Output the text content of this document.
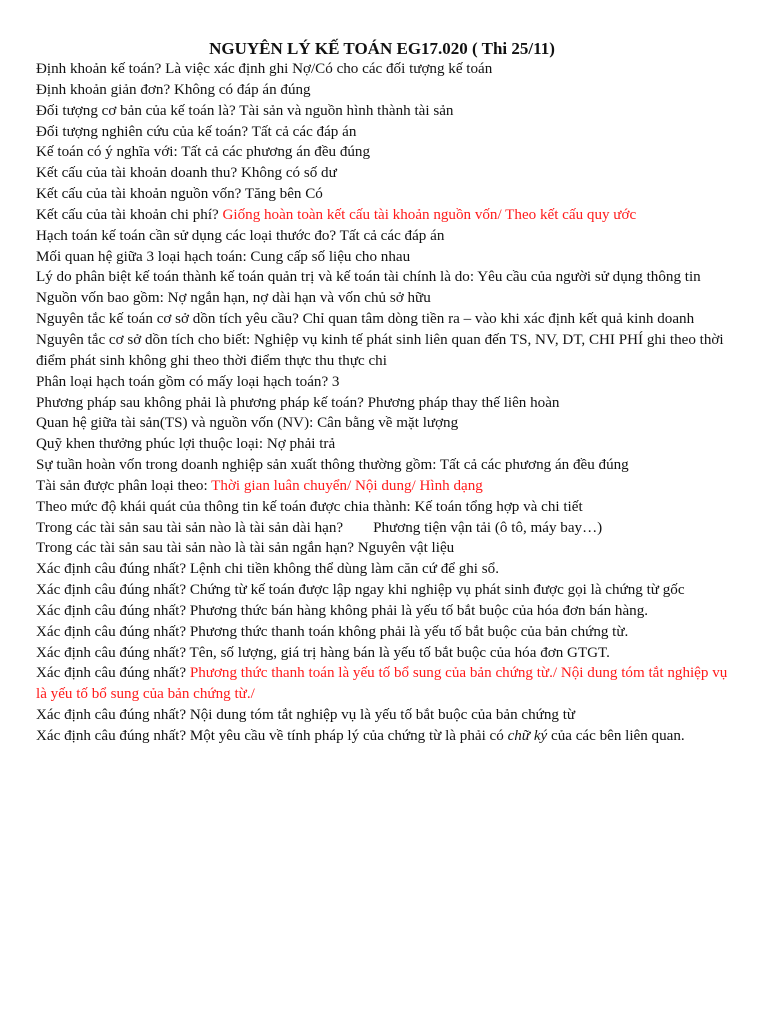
NGUYÊN LÝ KẾ TOÁN EG17.020 ( Thi 25/11)
Định khoản kế toán? Là việc xác định ghi Nợ/Có cho các đối tượng kế toán
Định khoản giản đơn? Không có đáp án đúng
Đối tượng cơ bản của kế toán là? Tài sản và nguồn hình thành tài sản
Đối tượng nghiên cứu của kế toán? Tất cả các đáp án
Kế toán có ý nghĩa với: Tất cả các phương án đều đúng
Kết cấu của tài khoản doanh thu? Không có số dư
Kết cấu của tài khoản nguồn vốn? Tăng bên Có
Kết cấu của tài khoản chi phí? Giống hoàn toàn kết cấu tài khoản nguồn vốn/ Theo kết cấu quy ước
Hạch toán kế toán cần sử dụng các loại thước đo? Tất cả các đáp án
Mối quan hệ giữa 3 loại hạch toán: Cung cấp số liệu cho nhau
Lý do phân biệt kế toán thành kế toán quản trị và kế toán tài chính là do: Yêu cầu của người sử dụng thông tin
Nguồn vốn bao gồm: Nợ ngắn hạn, nợ dài hạn và vốn chủ sở hữu
Nguyên tắc kế toán cơ sở dồn tích yêu cầu? Chỉ quan tâm dòng tiền ra – vào khi xác định kết quả kinh doanh
Nguyên tắc cơ sở dồn tích cho biết: Nghiệp vụ kinh tế phát sinh liên quan đến TS, NV, DT, CHI PHÍ ghi theo thời điểm phát sinh không ghi theo thời điểm thực thu thực chi
Phân loại hạch toán gồm có mấy loại hạch toán? 3
Phương pháp sau không phải là phương pháp kế toán? Phương pháp thay thế liên hoàn
Quan hệ giữa tài sản(TS) và nguồn vốn (NV): Cân bằng về mặt lượng
Quỹ khen thưởng phúc lợi thuộc loại: Nợ phải trả
Sự tuần hoàn vốn trong doanh nghiệp sản xuất thông thường gồm: Tất cả các phương án đều đúng
Tài sản được phân loại theo: Thời gian luân chuyển/ Nội dung/ Hình dạng
Theo mức độ khái quát của thông tin kế toán được chia thành: Kế toán tổng hợp và chi tiết
Trong các tài sản sau tài sản nào là tài sản dài hạn? Phương tiện vận tải (ô tô, máy bay…)
Trong các tài sản sau tài sản nào là tài sản ngắn hạn? Nguyên vật liệu
Xác định câu đúng nhất? Lệnh chi tiền không thể dùng làm căn cứ để ghi sổ.
Xác định câu đúng nhất? Chứng từ kế toán được lập ngay khi nghiệp vụ phát sinh được gọi là chứng từ gốc
Xác định câu đúng nhất? Phương thức bán hàng không phải là yếu tố bắt buộc của hóa đơn bán hàng.
Xác định câu đúng nhất? Phương thức thanh toán không phải là yếu tố bắt buộc của bản chứng từ.
Xác định câu đúng nhất? Tên, số lượng, giá trị hàng bán là yếu tố bắt buộc của hóa đơn GTGT.
Xác định câu đúng nhất? Phương thức thanh toán là yếu tố bổ sung của bản chứng từ./ Nội dung tóm tắt nghiệp vụ là yếu tố bổ sung của bản chứng từ./
Xác định câu đúng nhất? Nội dung tóm tắt nghiệp vụ là yếu tố bắt buộc của bản chứng từ
Xác định câu đúng nhất? Một yêu cầu về tính pháp lý của chứng từ là phải có chữ ký của các bên liên quan.
